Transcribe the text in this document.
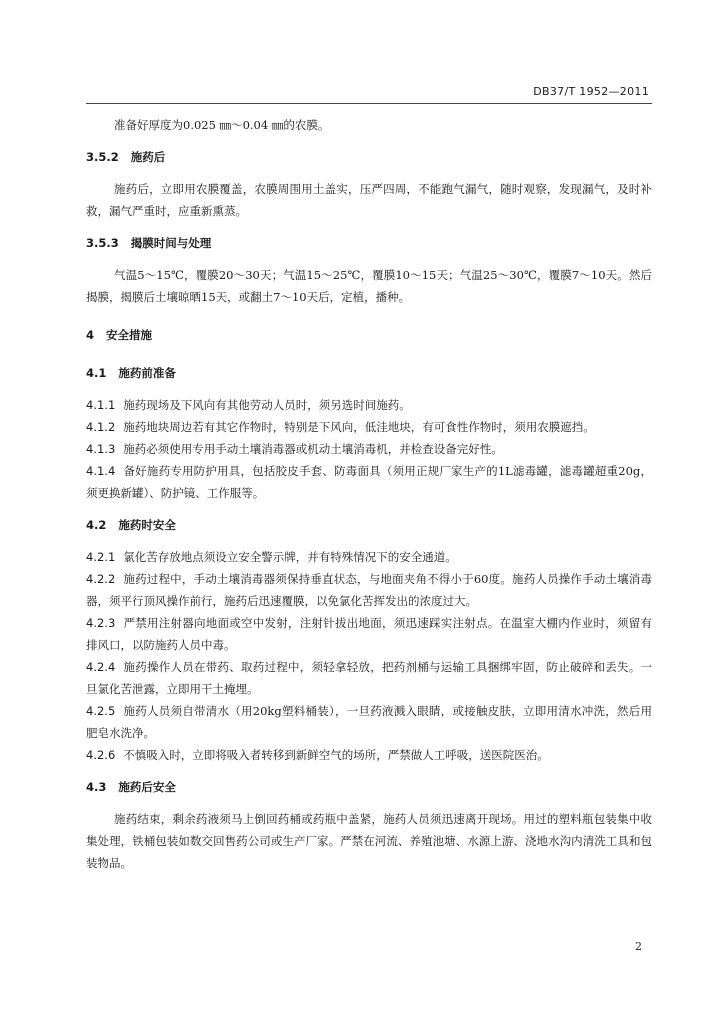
DB37/T 1952—2011

准备好厚度为0.025 ㎜～0.04 ㎜的农膜。

3.5.2 施药后

施药后，立即用农膜覆盖，农膜周围用土盖实，压严四周，不能跑气漏气，随时观察，发现漏气，及时补救，漏气严重时，应重新熏蒸。

3.5.3 揭膜时间与处理

气温5～15℃，覆膜20～30天；气温15～25℃，覆膜10～15天；气温25～30℃，覆膜7～10天。然后揭膜，揭膜后土壤晾晒15天，或翻土7～10天后，定植，播种。

4 安全措施

4.1 施药前准备

4.1.1 施药现场及下风向有其他劳动人员时，须另选时间施药。

4.1.2 施药地块周边若有其它作物时，特别是下风向，低洼地块，有可食性作物时，须用农膜遮挡。

4.1.3 施药必须使用专用手动土壤消毒器或机动土壤消毒机，并检查设备完好性。

4.1.4 备好施药专用防护用具，包括胶皮手套、防毒面具（须用正规厂家生产的1L滤毒罐，滤毒罐超重20g，须更换新罐）、防护镜、工作服等。

4.2 施药时安全

4.2.1 氯化苦存放地点须设立安全警示牌，并有特殊情况下的安全通道。

4.2.2 施药过程中，手动土壤消毒器须保持垂直状态，与地面夹角不得小于60度。施药人员操作手动土壤消毒器，须平行顶风操作前行，施药后迅速覆膜，以免氯化苦挥发出的浓度过大。

4.2.3 严禁用注射器向地面或空中发射，注射针拔出地面，须迅速踩实注射点。在温室大棚内作业时，须留有排风口，以防施药人员中毒。

4.2.4 施药操作人员在带药、取药过程中，须轻拿轻放，把药剂桶与运输工具捆绑牢固，防止破碎和丢失。一旦氯化苦泄露，立即用干土掩埋。

4.2.5 施药人员须自带清水（用20kg塑料桶装），一旦药液溅入眼睛，或接触皮肤，立即用清水冲洗，然后用肥皂水洗净。

4.2.6 不慎吸入时，立即将吸入者转移到新鲜空气的场所，严禁做人工呼吸，送医院医治。

4.3 施药后安全

施药结束，剩余药液须马上倒回药桶或药瓶中盖紧，施药人员须迅速离开现场。用过的塑料瓶包装集中收集处理，铁桶包装如数交回售药公司或生产厂家。严禁在河流、养殖池塘、水源上游、浇地水沟内清洗工具和包装物品。

2
